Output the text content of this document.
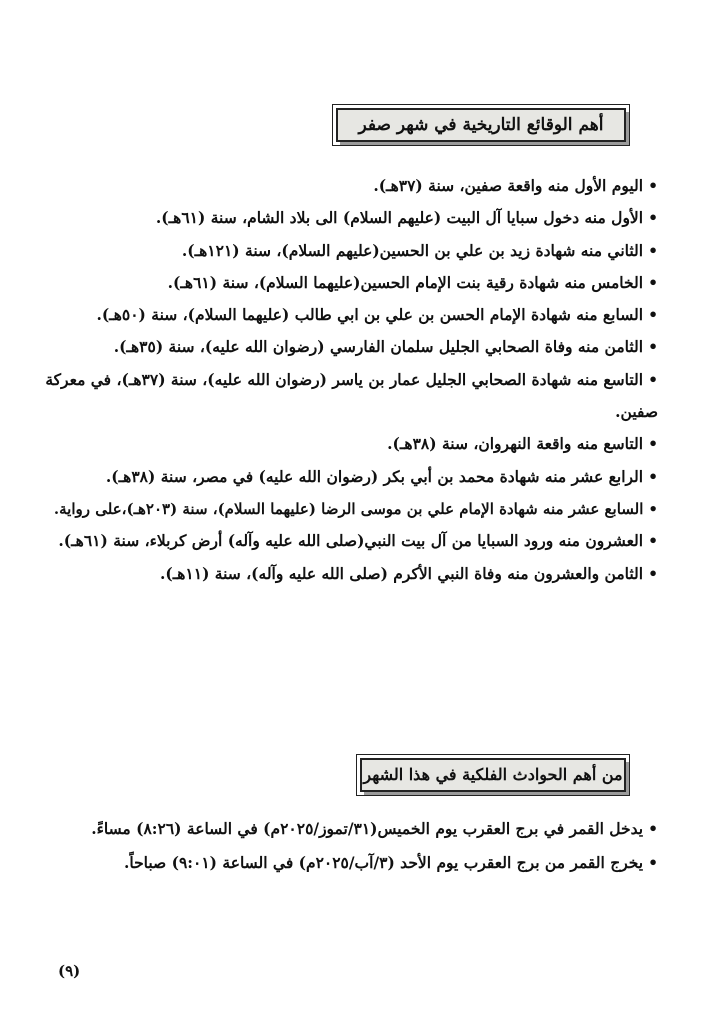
أهم الوقائع التاريخية في شهر صفر
•اليوم الأول منه واقعة صفين، سنة (٣٧هـ).
•الأول منه دخول سبايا آل البيت (عليهم السلام) الى بلاد الشام، سنة (٦١هـ).
•الثاني منه شهادة زيد بن علي بن الحسين(عليهم السلام)، سنة (١٢١هـ).
•الخامس منه شهادة رقية بنت الإمام الحسين(عليهما السلام)، سنة (٦١هـ).
•السابع منه شهادة الإمام الحسن بن علي بن ابي طالب (عليهما السلام)، سنة (٥٠هـ).
•الثامن منه وفاة الصحابي الجليل سلمان الفارسي (رضوان الله عليه)، سنة (٣٥هـ).
•التاسع منه شهادة الصحابي الجليل عمار بن ياسر (رضوان الله عليه)، سنة (٣٧هـ)، في معركة صفين.
•التاسع منه واقعة النهروان، سنة (٣٨هـ).
•الرابع عشر منه شهادة محمد بن أبي بكر (رضوان الله عليه) في مصر، سنة (٣٨هـ).
•السابع عشر منه شهادة الإمام علي بن موسى الرضا (عليهما السلام)، سنة (٢٠٣هـ)،على رواية.
•العشرون منه ورود السبايا من آل بيت النبي(صلى الله عليه وآله) أرض كربلاء، سنة (٦١هـ).
•الثامن والعشرون منه وفاة النبي الأكرم (صلى الله عليه وآله)، سنة (١١هـ).
من أهم الحوادث الفلكية في هذا الشهر
•يدخل القمر في برج العقرب يوم الخميس(٣١/تموز/٢٠٢٥م) في الساعة (٨:٢٦) مساءً.
•يخرج القمر من برج العقرب يوم الأحد (٣/آب/٢٠٢٥م) في الساعة (٩:٠١) صباحاً.
(٩)
